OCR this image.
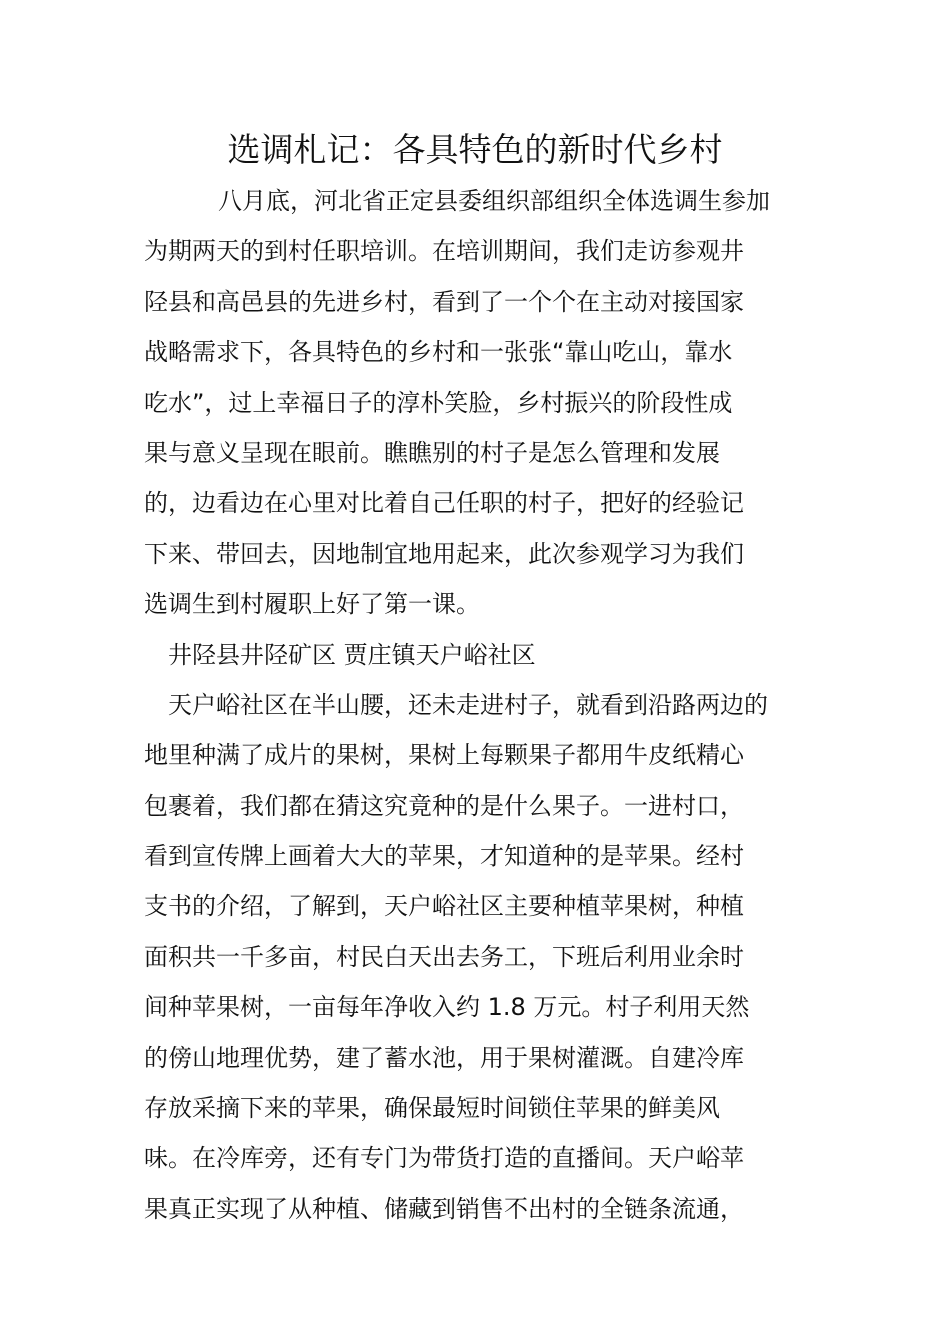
选调札记：各具特色的新时代乡村

八月底，河北省正定县委组织部组织全体选调生参加
为期两天的到村任职培训。在培训期间，我们走访参观井
陉县和高邑县的先进乡村，看到了一个个在主动对接国家
战略需求下，各具特色的乡村和一张张“靠山吃山，靠水
吃水”，过上幸福日子的淳朴笑脸，乡村振兴的阶段性成
果与意义呈现在眼前。瞧瞧别的村子是怎么管理和发展
的，边看边在心里对比着自己任职的村子，把好的经验记
下来、带回去，因地制宜地用起来，此次参观学习为我们
选调生到村履职上好了第一课。

井陉县井陉矿区 贾庄镇天户峪社区

天户峪社区在半山腰，还未走进村子，就看到沿路两边的
地里种满了成片的果树，果树上每颗果子都用牛皮纸精心
包裹着，我们都在猜这究竟种的是什么果子。一进村口，
看到宣传牌上画着大大的苹果，才知道种的是苹果。经村
支书的介绍，了解到，天户峪社区主要种植苹果树，种植
面积共一千多亩，村民白天出去务工，下班后利用业余时
间种苹果树，一亩每年净收入约 1.8 万元。村子利用天然
的傍山地理优势，建了蓄水池，用于果树灌溉。自建冷库
存放采摘下来的苹果，确保最短时间锁住苹果的鲜美风
味。在冷库旁，还有专门为带货打造的直播间。天户峪苹
果真正实现了从种植、储藏到销售不出村的全链条流通，
